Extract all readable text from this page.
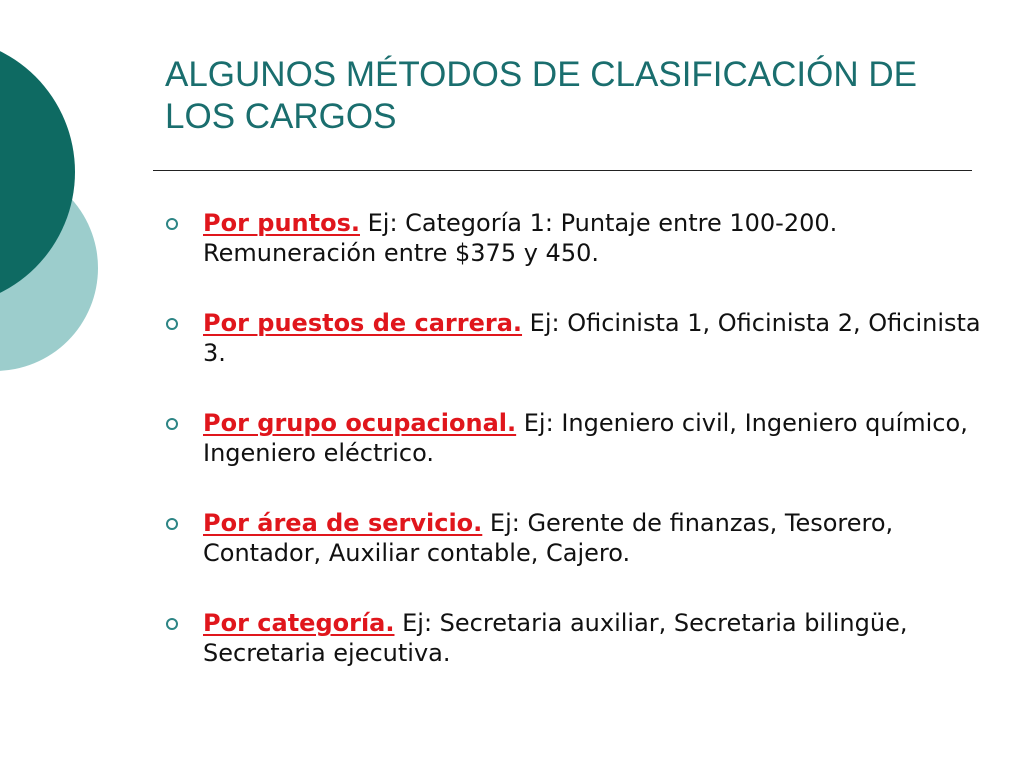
ALGUNOS MÉTODOS DE CLASIFICACIÓN DE LOS CARGOS
Por puntos. Ej: Categoría 1: Puntaje entre 100-200. Remuneración entre $375 y 450.
Por puestos de carrera. Ej: Oficinista 1, Oficinista 2, Oficinista 3.
Por grupo ocupacional. Ej: Ingeniero civil, Ingeniero químico, Ingeniero eléctrico.
Por área de servicio. Ej: Gerente de finanzas, Tesorero, Contador, Auxiliar contable, Cajero.
Por categoría. Ej: Secretaria auxiliar, Secretaria bilingüe, Secretaria ejecutiva.
